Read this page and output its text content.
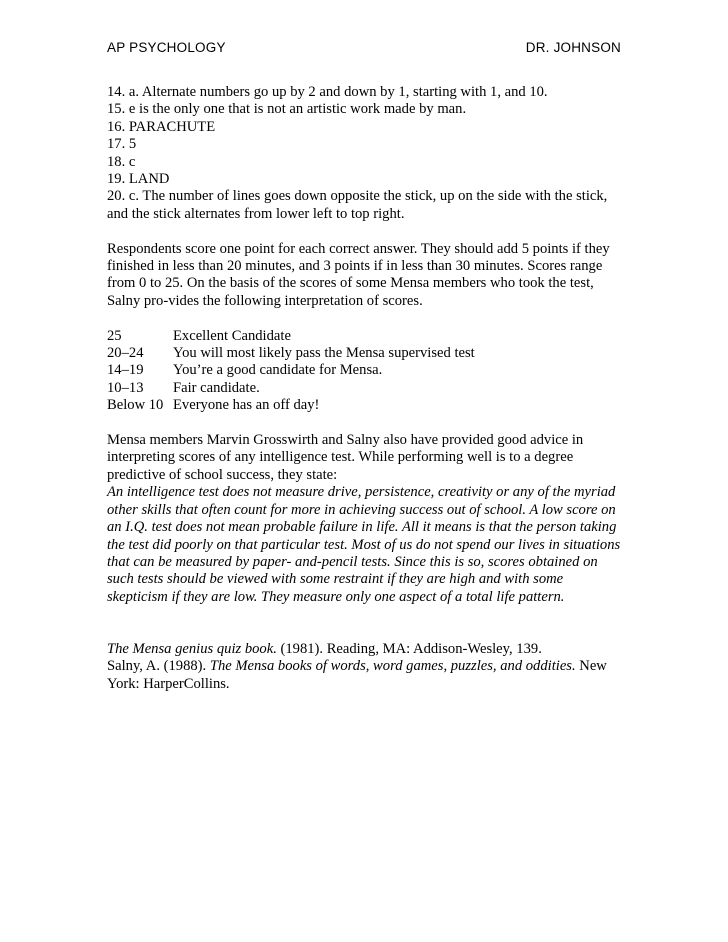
AP PSYCHOLOGY	DR. JOHNSON

14. a. Alternate numbers go up by 2 and down by 1, starting with 1, and 10.

15. e is the only one that is not an artistic work made by man.

16. PARACHUTE

17. 5

18. c

19. LAND

20. c. The number of lines goes down opposite the stick, up on the side with the stick, and the stick alternates from lower left to top right.

Respondents score one point for each correct answer. They should add 5 points if they finished in less than 20 minutes, and 3 points if in less than 30 minutes. Scores range from 0 to 25. On the basis of the scores of some Mensa members who took the test, Salny pro-vides the following interpretation of scores.

25	Excellent Candidate
20–24	You will most likely pass the Mensa supervised test
14–19	You’re a good candidate for Mensa.
10–13	Fair candidate.
Below 10 Everyone has an off day!

Mensa members Marvin Grosswirth and Salny also have provided good advice in interpreting scores of any intelligence test. While performing well is to a degree predictive of school success, they state:

An intelligence test does not measure drive, persistence, creativity or any of the myriad other skills that often count for more in achieving success out of school. A low score on an I.Q. test does not mean probable failure in life. All it means is that the person taking the test did poorly on that particular test. Most of us do not spend our lives in situations that can be measured by paper- and-pencil tests. Since this is so, scores obtained on such tests should be viewed with some restraint if they are high and with some skepticism if they are low. They measure only one aspect of a total life pattern.

The Mensa genius quiz book. (1981). Reading, MA: Addison-Wesley, 139.

Salny, A. (1988). The Mensa books of words, word games, puzzles, and oddities. New York: HarperCollins.
